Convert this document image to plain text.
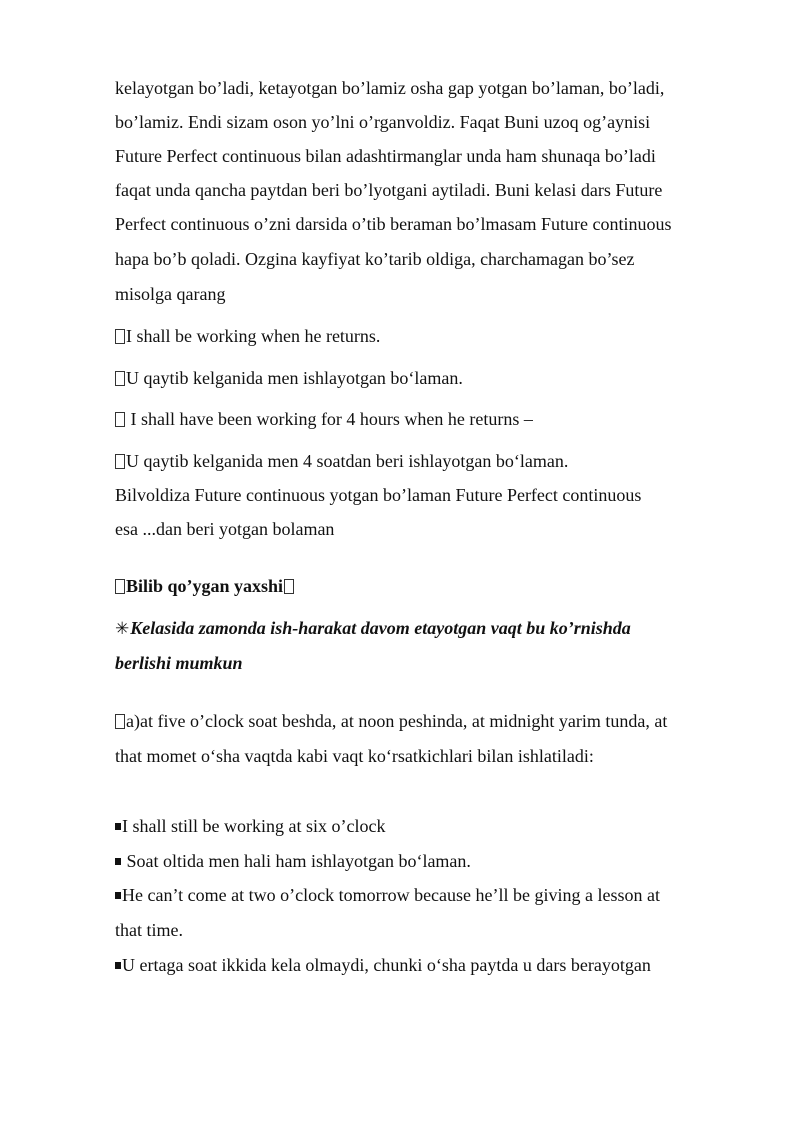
kelayotgan bo’ladi, ketayotgan bo’lamiz osha gap yotgan bo’laman, bo’ladi,
bo’lamiz. Endi sizam oson yo’lni o’rganvoldiz. Faqat Buni uzoq og’aynisi
Future Perfect continuous bilan adashtirmanglar unda ham shunaqa bo’ladi
faqat unda qancha paytdan beri bo’lyotgani aytiladi. Buni kelasi dars Future
Perfect continuous o’zni darsida o’tib beraman bo’lmasam Future continuous
hapa bo’b qoladi. Ozgina kayfiyat ko’tarib oldiga, charchamagan bo’sez
misolga qarang
I shall be working when he returns.
U qaytib kelganida men ishlayotgan bo‘laman.
I shall have been working for 4 hours when he returns –
U qaytib kelganida men 4 soatdan beri ishlayotgan bo‘laman.
Bilvoldiza Future continuous yotgan bo’laman Future Perfect continuous
esa ...dan beri yotgan bolaman
Bilib qo’ygan yaxshi
✳Kelasida zamonda ish-harakat davom etayotgan vaqt bu ko’rnishda
berlishi mumkun
a)at five o’clock soat beshda, at noon peshinda, at midnight yarim tunda, at
that momet o‘sha vaqtda kabi vaqt ko‘rsatkichlari bilan ishlatiladi:
I shall still be working at six o’clock
Soat oltida men hali ham ishlayotgan bo‘laman.
He can’t come at two o’clock tomorrow because he’ll be giving a lesson at
that time.
U ertaga soat ikkida kela olmaydi, chunki o‘sha paytda u dars berayotgan
